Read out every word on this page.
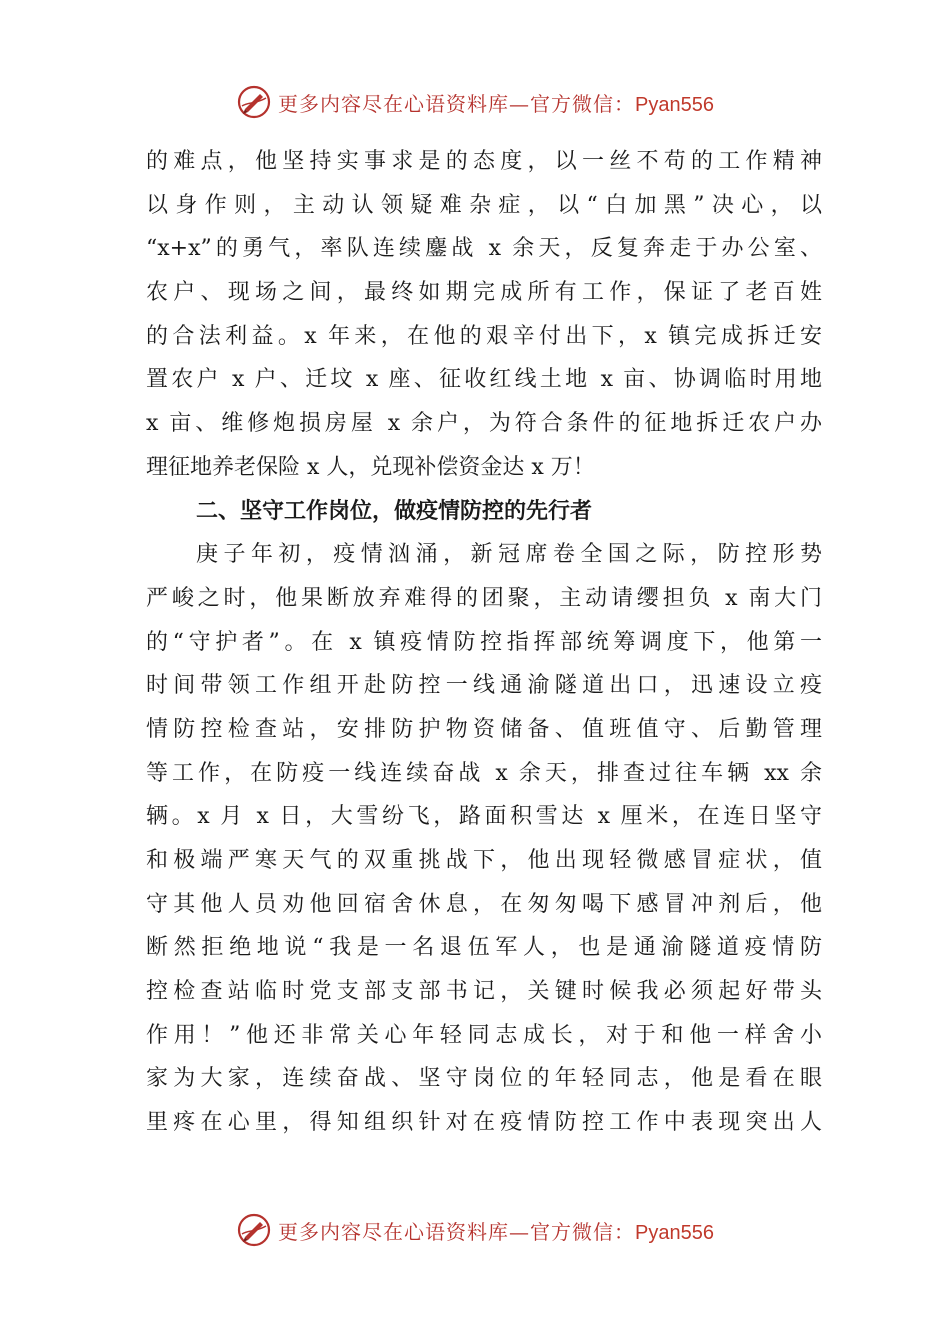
更多内容尽在心语资料库—官方微信：Pyan556
的难点，他坚持实事求是的态度，以一丝不苟的工作精神
以身作则，主动认领疑难杂症，以“白加黑”决心，以
“x+x”的勇气，率队连续鏖战 x 余天，反复奔走于办公室、
农户、现场之间，最终如期完成所有工作，保证了老百姓
的合法利益。x 年来，在他的艰辛付出下，x 镇完成拆迁安
置农户 x 户、迁坟 x 座、征收红线土地 x 亩、协调临时用地
x 亩、维修炮损房屋 x 余户，为符合条件的征地拆迁农户办
理征地养老保险 x 人，兑现补偿资金达 x 万！
二、坚守工作岗位，做疫情防控的先行者
庚子年初，疫情汹涌，新冠席卷全国之际，防控形势
严峻之时，他果断放弃难得的团聚，主动请缨担负 x 南大门
的“守护者”。在 x 镇疫情防控指挥部统筹调度下，他第一
时间带领工作组开赴防控一线通渝隧道出口，迅速设立疫
情防控检查站，安排防护物资储备、值班值守、后勤管理
等工作，在防疫一线连续奋战 x 余天，排查过往车辆 xx 余
辆。x 月 x 日，大雪纷飞，路面积雪达 x 厘米，在连日坚守
和极端严寒天气的双重挑战下，他出现轻微感冒症状，值
守其他人员劝他回宿舍休息，在匆匆喝下感冒冲剂后，他
断然拒绝地说“我是一名退伍军人，也是通渝隧道疫情防
控检查站临时党支部支部书记，关键时候我必须起好带头
作用！”他还非常关心年轻同志成长，对于和他一样舍小
家为大家，连续奋战、坚守岗位的年轻同志，他是看在眼
里疼在心里，得知组织针对在疫情防控工作中表现突出人
更多内容尽在心语资料库—官方微信：Pyan556
